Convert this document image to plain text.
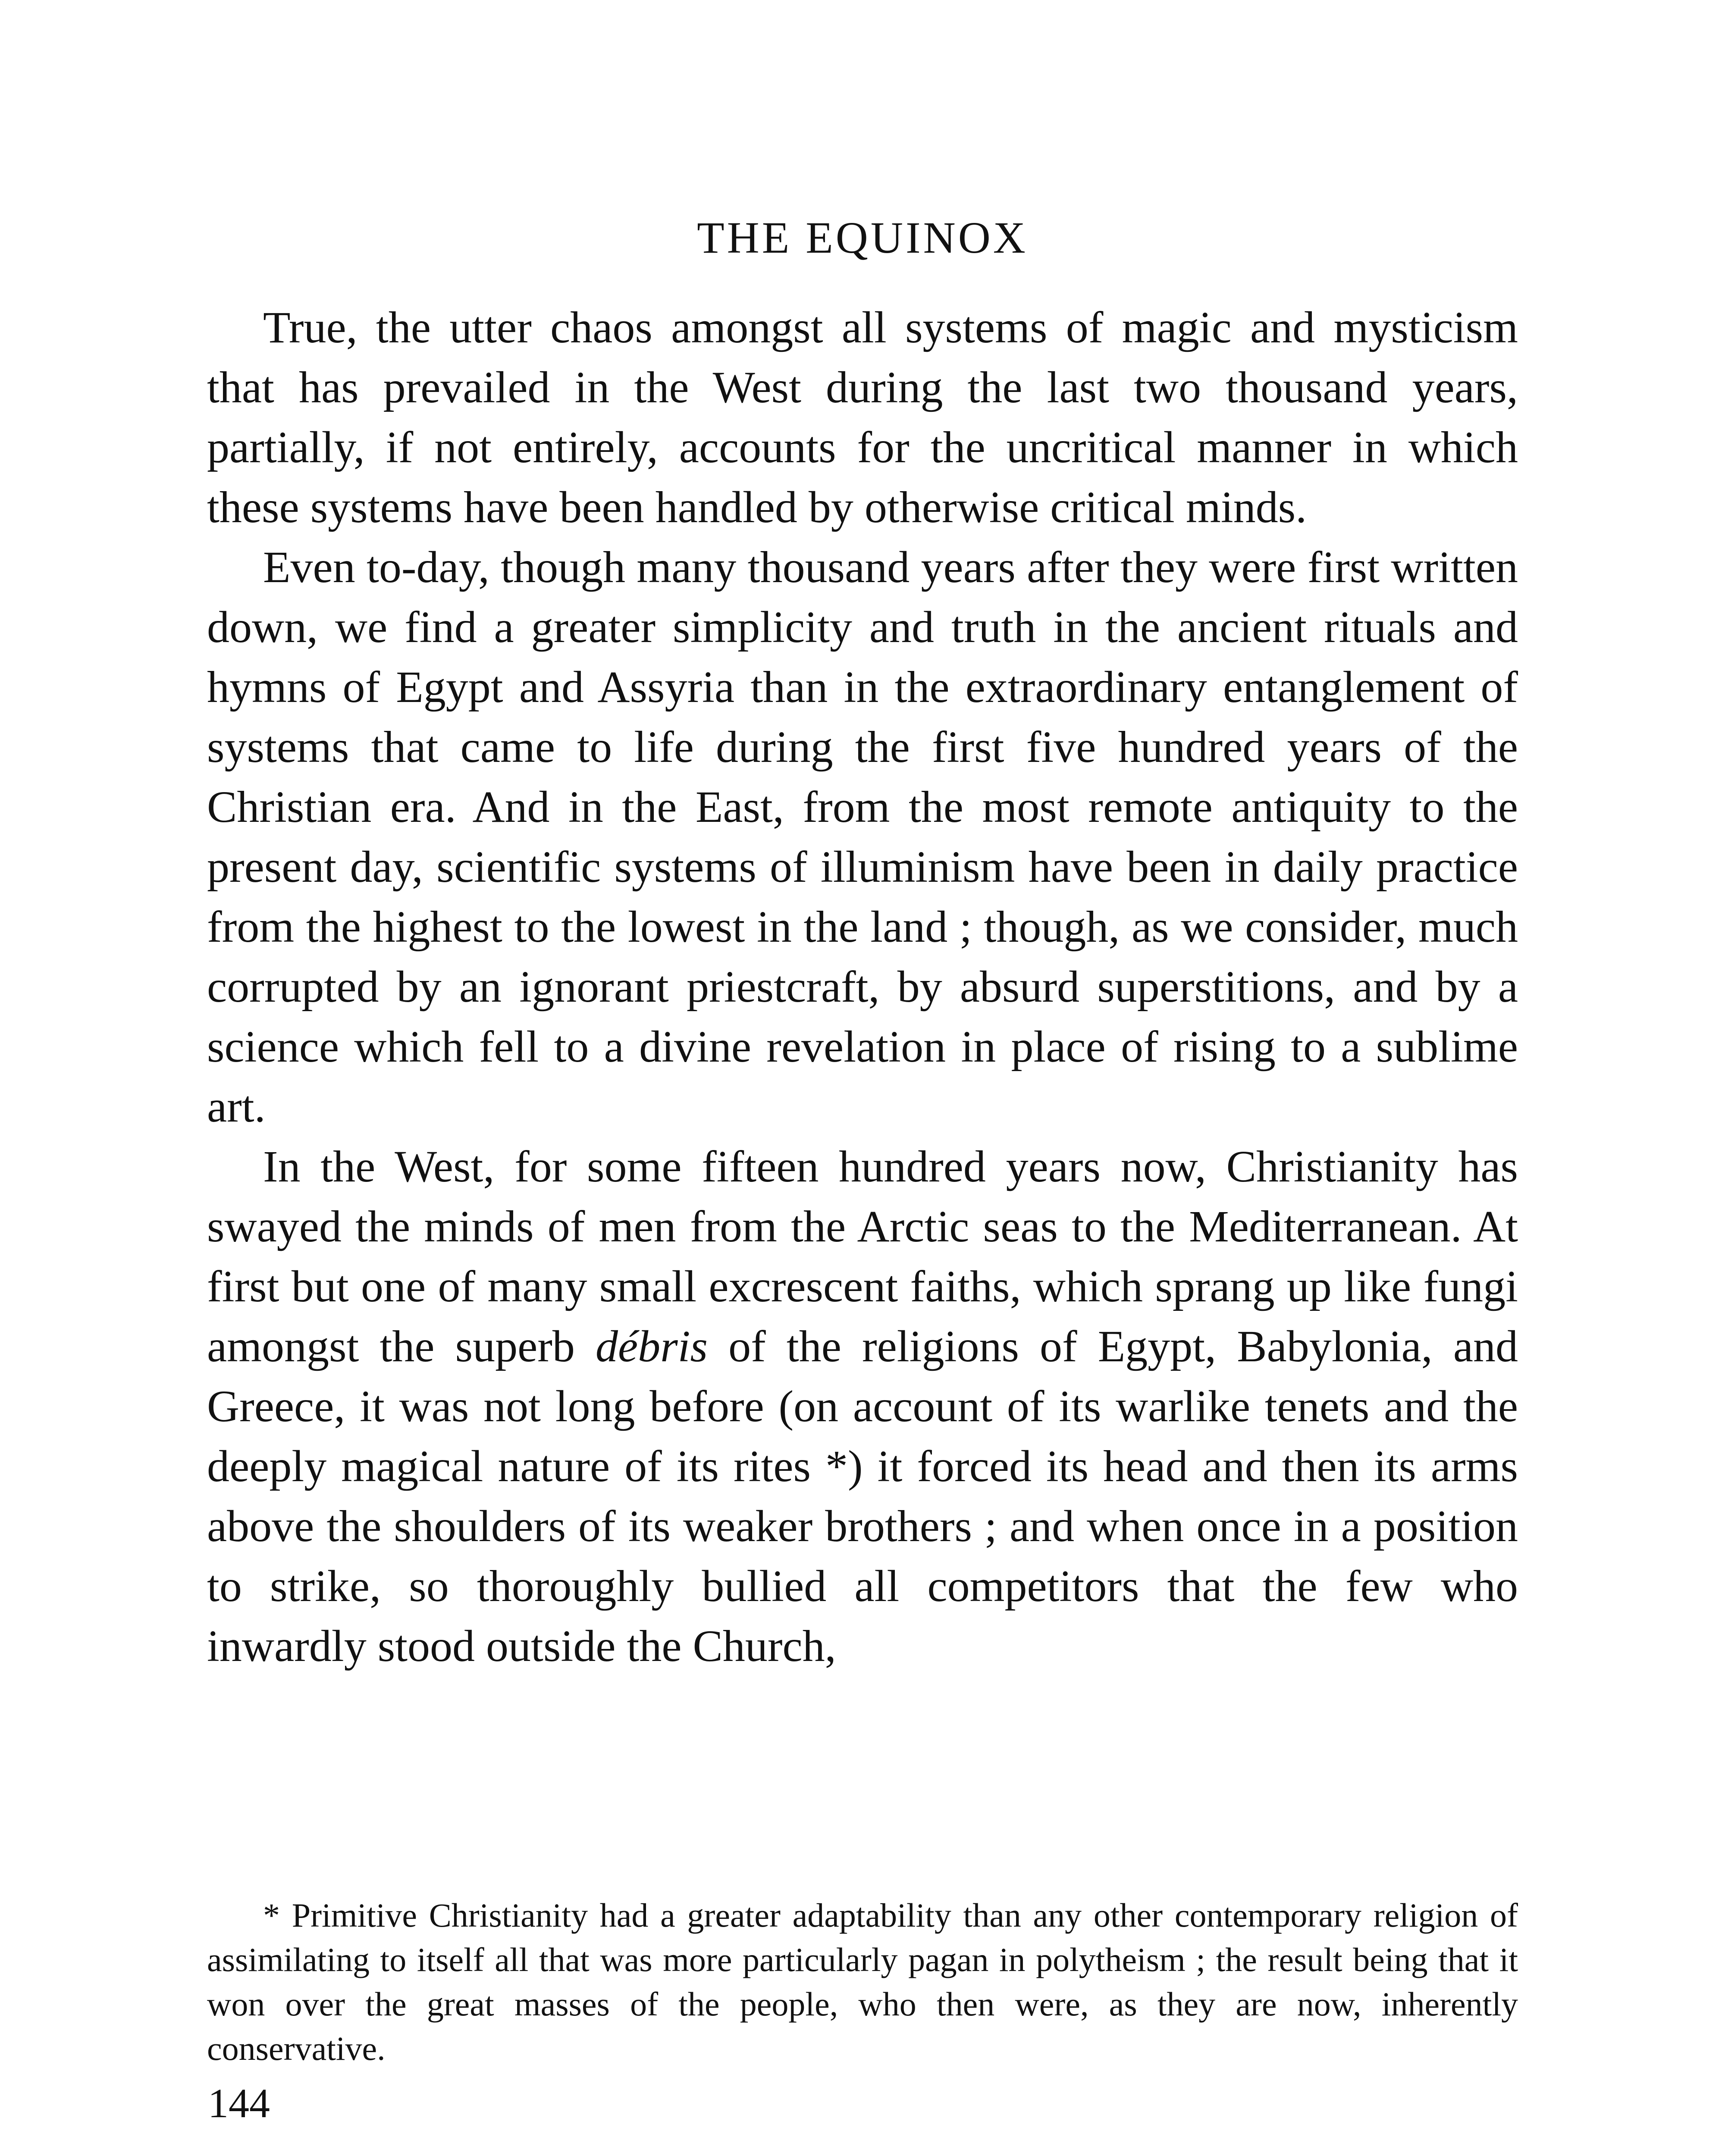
THE EQUINOX

True, the utter chaos amongst all systems of magic and mysticism that has prevailed in the West during the last two thousand years, partially, if not entirely, accounts for the uncritical manner in which these systems have been handled by otherwise critical minds.

Even to-day, though many thousand years after they were first written down, we find a greater simplicity and truth in the ancient rituals and hymns of Egypt and Assyria than in the extraordinary entanglement of systems that came to life during the first five hundred years of the Christian era. And in the East, from the most remote antiquity to the present day, scientific systems of illuminism have been in daily practice from the highest to the lowest in the land ; though, as we consider, much corrupted by an ignorant priestcraft, by absurd superstitions, and by a science which fell to a divine revelation in place of rising to a sublime art.

In the West, for some fifteen hundred years now, Christianity has swayed the minds of men from the Arctic seas to the Mediterranean. At first but one of many small excrescent faiths, which sprang up like fungi amongst the superb débris of the religions of Egypt, Babylonia, and Greece, it was not long before (on account of its warlike tenets and the deeply magical nature of its rites *) it forced its head and then its arms above the shoulders of its weaker brothers ; and when once in a position to strike, so thoroughly bullied all competitors that the few who inwardly stood outside the Church,

* Primitive Christianity had a greater adaptability than any other contemporary religion of assimilating to itself all that was more particularly pagan in polytheism ; the result being that it won over the great masses of the people, who then were, as they are now, inherently conservative.
144
